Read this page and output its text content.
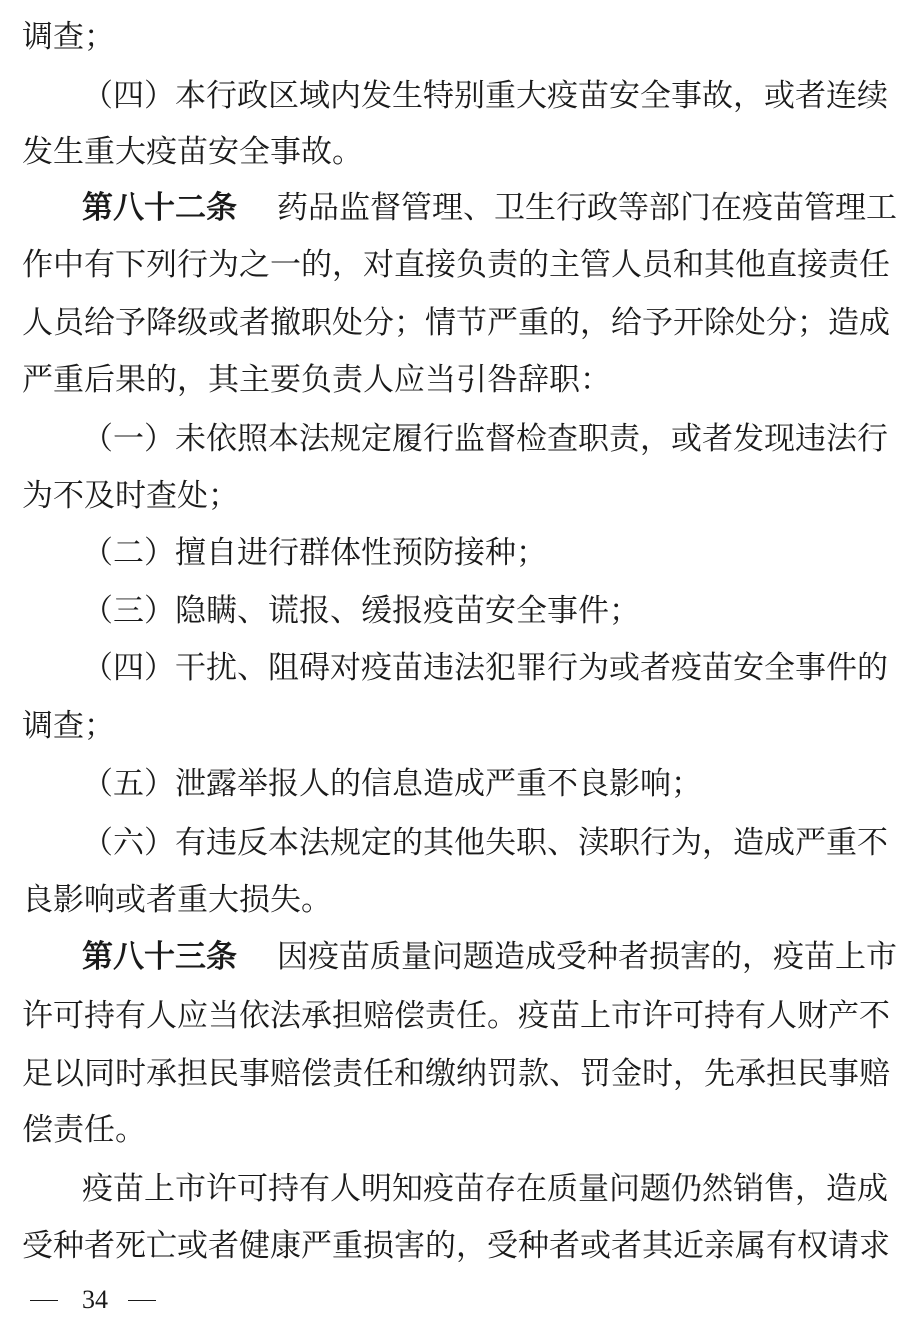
调查；
（ 四 ） 本 行 政 区 域 内 发 生 特 别 重 大 疫 苗 安 全 事 故 ， 或 者 连 续
发生重大疫苗安全事故。
第八十二条 药 品 监 督 管 理 、 卫 生 行 政 等 部 门 在 疫 苗 管 理 工
作 中 有 下 列 行 为 之 一 的 ， 对 直 接 负 责 的 主 管 人 员 和 其 他 直 接 责 任
人 员 给 予 降 级 或 者 撤 职 处 分 ； 情 节 严 重 的 ， 给 予 开 除 处 分 ； 造 成
严重后果的，其主要负责人应当引咎辞职：
（ 一 ） 未 依 照 本 法 规 定 履 行 监 督 检 查 职 责 ， 或 者 发 现 违 法 行
为不及时查处；
（二）擅自进行群体性预防接种；
（三）隐瞒、谎报、缓报疫苗安全事件；
（ 四 ） 干 扰 、 阻 碍 对 疫 苗 违 法 犯 罪 行 为 或 者 疫 苗 安 全 事 件 的
调查；
（五）泄露举报人的信息造成严重不良影响；
（ 六 ） 有 违 反 本 法 规 定 的 其 他 失 职 、 渎 职 行 为 ， 造 成 严 重 不
良影响或者重大损失。
第八十三条 因 疫 苗 质 量 问 题 造 成 受 种 者 损 害 的 ， 疫 苗 上 市
许 可 持 有 人 应 当 依 法 承 担 赔 偿 责 任 。 疫 苗 上 市 许 可 持 有 人 财 产 不
足 以 同 时 承 担 民 事 赔 偿 责 任 和 缴 纳 罚 款 、 罚 金 时 ， 先 承 担 民 事 赔
偿责任。
疫 苗 上 市 许 可 持 有 人 明 知 疫 苗 存 在 质 量 问 题 仍 然 销 售 ， 造 成
受 种 者 死 亡 或 者 健 康 严 重 损 害 的 ， 受 种 者 或 者 其 近 亲 属 有 权 请 求
34
